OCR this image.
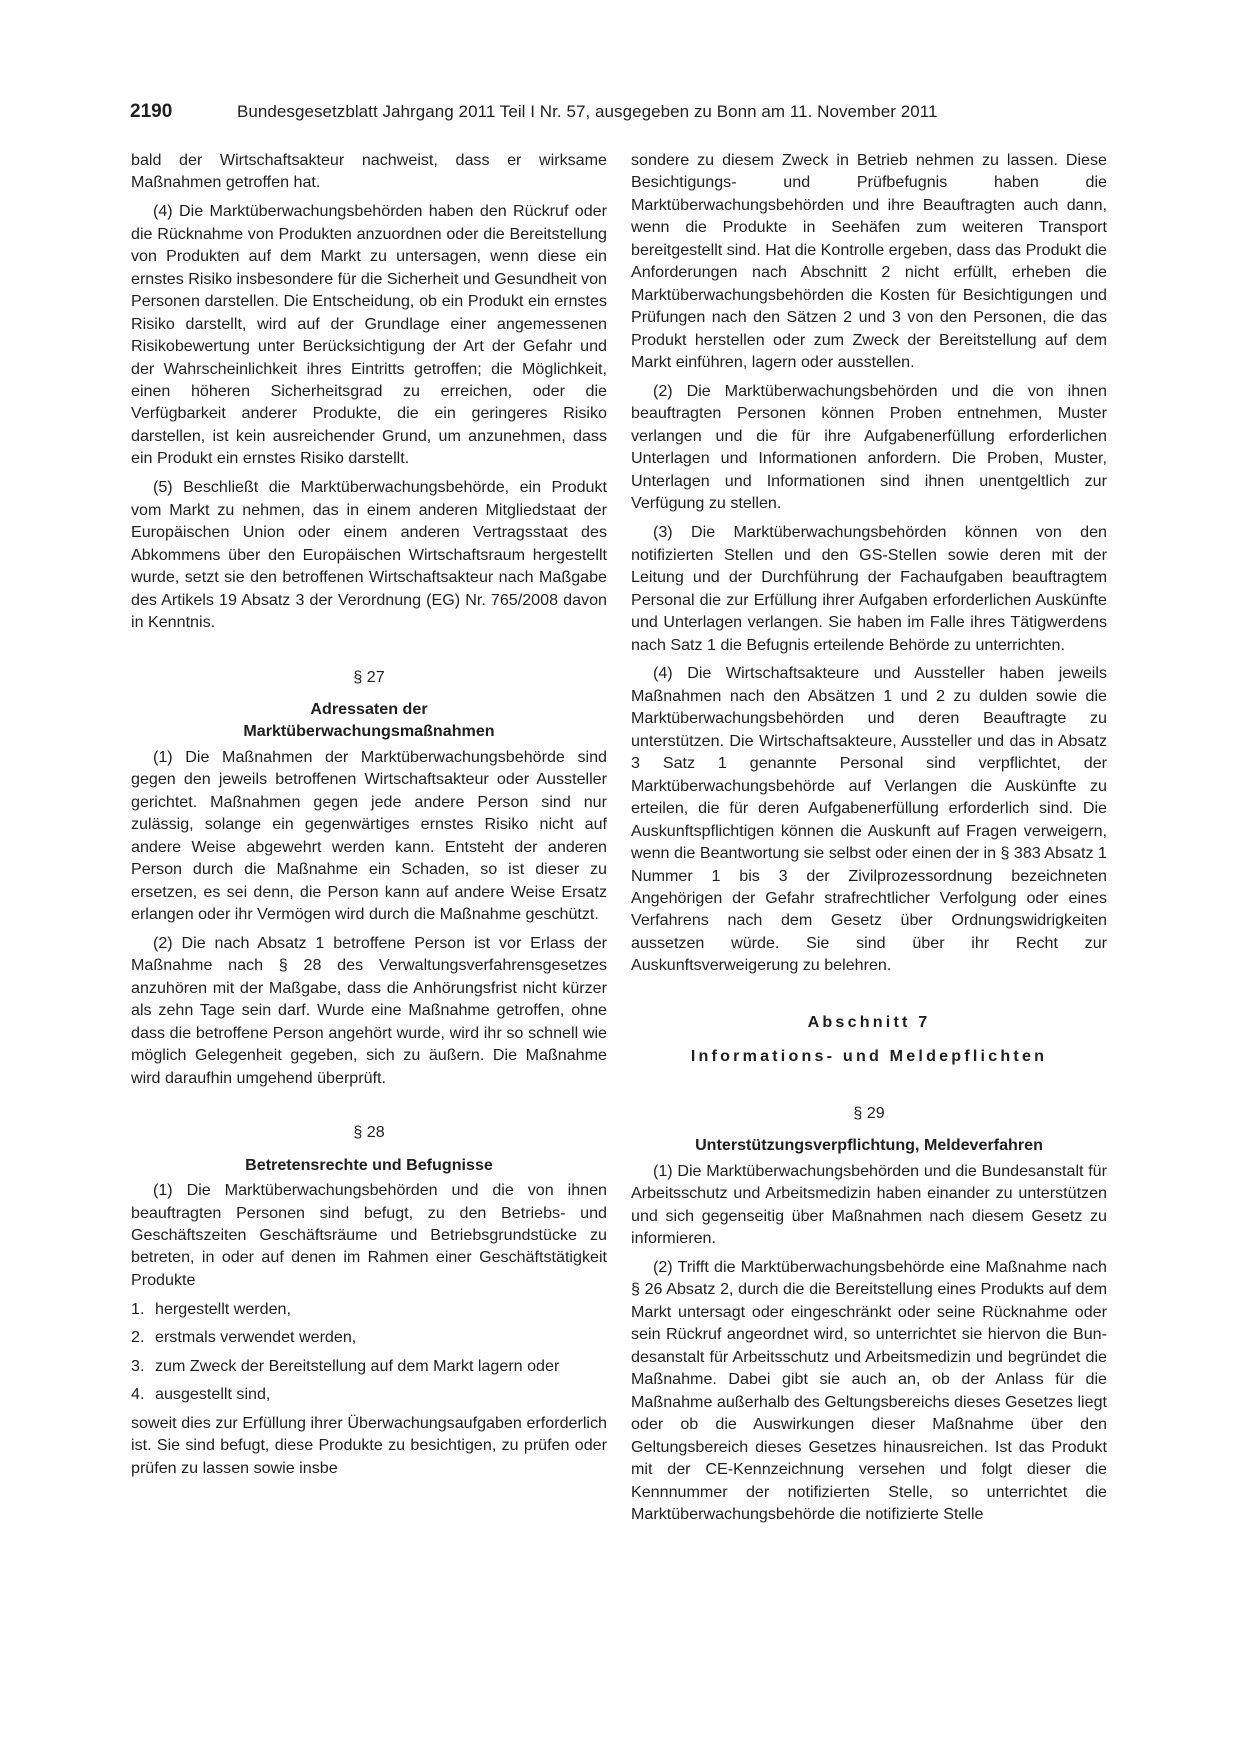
2190	Bundesgesetzblatt Jahrgang 2011 Teil I Nr. 57, ausgegeben zu Bonn am 11. November 2011

bald der Wirtschaftsakteur nachweist, dass er wirksame Maßnahmen getroffen hat.

(4) Die Marktüberwachungsbehörden haben den Rückruf oder die Rücknahme von Produkten anzuordnen oder die Bereitstellung von Produkten auf dem Markt zu untersagen, wenn diese ein ernstes Risiko insbesondere für die Sicherheit und Gesundheit von Personen darstellen. Die Entscheidung, ob ein Produkt ein ernstes Risiko darstellt, wird auf der Grundlage einer angemessenen Risikobewertung unter Berücksichtigung der Art der Gefahr und der Wahrscheinlichkeit ihres Eintritts getroffen; die Möglichkeit, einen höheren Sicherheitsgrad zu erreichen, oder die Verfügbarkeit anderer Produkte, die ein geringeres Risiko darstellen, ist kein ausreichender Grund, um anzunehmen, dass ein Produkt ein ernstes Risiko darstellt.

(5) Beschließt die Marktüberwachungsbehörde, ein Produkt vom Markt zu nehmen, das in einem anderen Mitgliedstaat der Europäischen Union oder einem anderen Vertragsstaat des Abkommens über den Europäischen Wirtschaftsraum hergestellt wurde, setzt sie den betroffenen Wirtschaftsakteur nach Maßgabe des Artikels 19 Absatz 3 der Verordnung (EG) Nr. 765/2008 davon in Kenntnis.

§ 27
Adressaten der
Marktüberwachungsmaßnahmen

(1) Die Maßnahmen der Marktüberwachungsbehörde sind gegen den jeweils betroffenen Wirtschaftsakteur oder Aussteller gerichtet. Maßnahmen gegen jede andere Person sind nur zulässig, solange ein gegenwärtiges ernstes Risiko nicht auf andere Weise abgewehrt werden kann. Entsteht der anderen Person durch die Maßnahme ein Schaden, so ist dieser zu ersetzen, es sei denn, die Person kann auf andere Weise Ersatz erlangen oder ihr Vermögen wird durch die Maßnahme geschützt.

(2) Die nach Absatz 1 betroffene Person ist vor Erlass der Maßnahme nach § 28 des Verwaltungsverfahrensgesetzes anzuhören mit der Maßgabe, dass die Anhörungsfrist nicht kürzer als zehn Tage sein darf. Wurde eine Maßnahme getroffen, ohne dass die betroffene Person angehört wurde, wird ihr so schnell wie möglich Gelegenheit gegeben, sich zu äußern. Die Maßnahme wird daraufhin umgehend überprüft.

§ 28
Betretensrechte und Befugnisse

(1) Die Marktüberwachungsbehörden und die von ihnen beauftragten Personen sind befugt, zu den Betriebs- und Geschäftszeiten Geschäftsräume und Betriebsgrundstücke zu betreten, in oder auf denen im Rahmen einer Geschäftstätigkeit Produkte

1. hergestellt werden,
2. erstmals verwendet werden,
3. zum Zweck der Bereitstellung auf dem Markt lagern oder
4. ausgestellt sind,

soweit dies zur Erfüllung ihrer Überwachungsaufgaben erforderlich ist. Sie sind befugt, diese Produkte zu besichtigen, zu prüfen oder prüfen zu lassen sowie insbe

sondere zu diesem Zweck in Betrieb nehmen zu lassen. Diese Besichtigungs- und Prüfbefugnis haben die Marktüberwachungsbehörden und ihre Beauftragten auch dann, wenn die Produkte in Seehäfen zum weiteren Transport bereitgestellt sind. Hat die Kontrolle ergeben, dass das Produkt die Anforderungen nach Abschnitt 2 nicht erfüllt, erheben die Marktüberwachungsbehörden die Kosten für Besichtigungen und Prüfungen nach den Sätzen 2 und 3 von den Personen, die das Produkt herstellen oder zum Zweck der Bereitstellung auf dem Markt einführen, lagern oder ausstellen.

(2) Die Marktüberwachungsbehörden und die von ihnen beauftragten Personen können Proben entnehmen, Muster verlangen und die für ihre Aufgabenerfüllung erforderlichen Unterlagen und Informationen anfordern. Die Proben, Muster, Unterlagen und Informationen sind ihnen unentgeltlich zur Verfügung zu stellen.

(3) Die Marktüberwachungsbehörden können von den notifizierten Stellen und den GS-Stellen sowie deren mit der Leitung und der Durchführung der Fachaufgaben beauftragtem Personal die zur Erfüllung ihrer Aufgaben erforderlichen Auskünfte und Unterlagen verlangen. Sie haben im Falle ihres Tätigwerdens nach Satz 1 die Befugnis erteilende Behörde zu unterrichten.

(4) Die Wirtschaftsakteure und Aussteller haben jeweils Maßnahmen nach den Absätzen 1 und 2 zu dulden sowie die Marktüberwachungsbehörden und deren Beauftragte zu unterstützen. Die Wirtschaftsakteure, Aussteller und das in Absatz 3 Satz 1 genannte Personal sind verpflichtet, der Marktüberwachungsbehörde auf Verlangen die Auskünfte zu erteilen, die für deren Aufgabenerfüllung erforderlich sind. Die Auskunftspflichtigen können die Auskunft auf Fragen verweigern, wenn die Beantwortung sie selbst oder einen der in § 383 Absatz 1 Nummer 1 bis 3 der Zivilprozessordnung bezeichneten Angehörigen der Gefahr strafrechtlicher Verfolgung oder eines Verfahrens nach dem Gesetz über Ordnungswidrigkeiten aussetzen würde. Sie sind über ihr Recht zur Auskunftsverweigerung zu belehren.

Abschnitt 7
Informations- und Meldepflichten
§ 29
Unterstützungsverpflichtung, Meldeverfahren

(1) Die Marktüberwachungsbehörden und die Bundesanstalt für Arbeitsschutz und Arbeitsmedizin haben einander zu unterstützen und sich gegenseitig über Maßnahmen nach diesem Gesetz zu informieren.

(2) Trifft die Marktüberwachungsbehörde eine Maßnahme nach § 26 Absatz 2, durch die die Bereitstellung eines Produkts auf dem Markt untersagt oder eingeschränkt oder seine Rücknahme oder sein Rückruf angeordnet wird, so unterrichtet sie hiervon die Bundesanstalt für Arbeitsschutz und Arbeitsmedizin und begründet die Maßnahme. Dabei gibt sie auch an, ob der Anlass für die Maßnahme außerhalb des Geltungsbereichs dieses Gesetzes liegt oder ob die Auswirkungen dieser Maßnahme über den Geltungsbereich dieses Gesetzes hinausreichen. Ist das Produkt mit der CE-Kennzeichnung versehen und folgt dieser die Kennnummer der notifizierten Stelle, so unterrichtet die Marktüberwachungsbehörde die notifizierte Stelle
